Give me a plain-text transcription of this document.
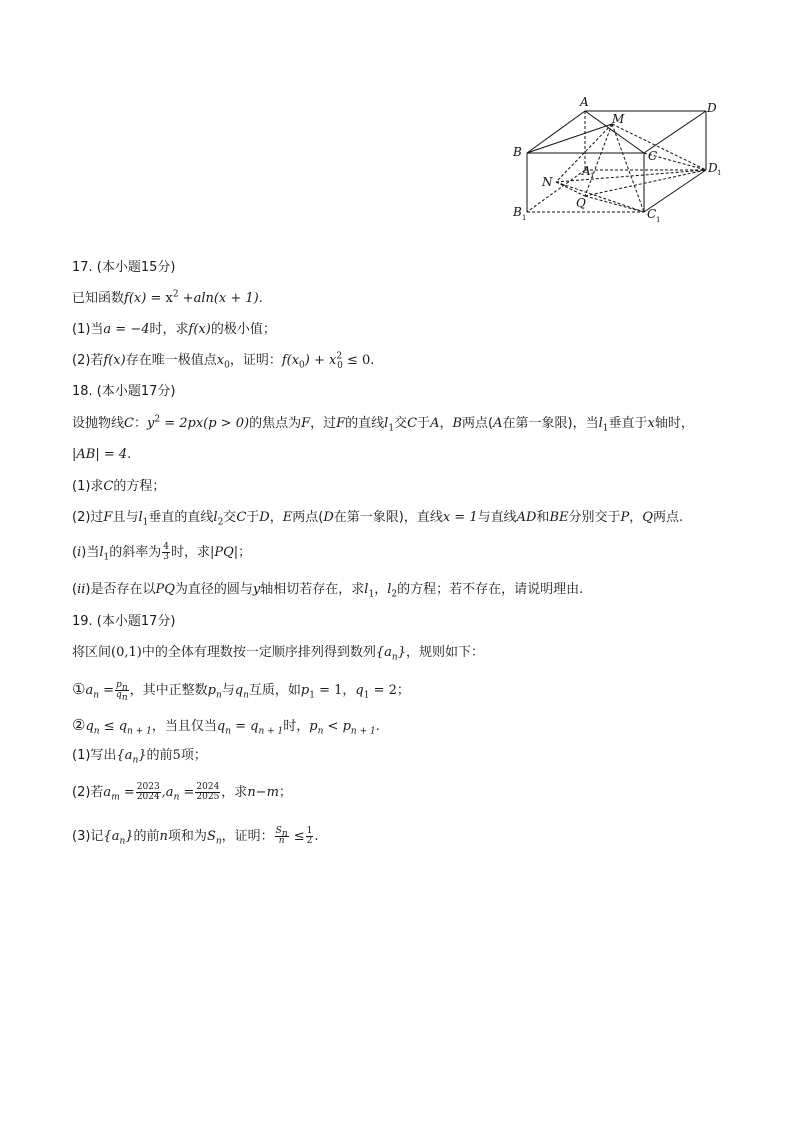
A	D
M
B	C
D 1
A 1
N
Q
B 1	C 1
17. (本小题15分)
已知函数$f(x) = x^2 +aln(x + 1)$.
(1)当a = −4时，求f(x)的极小值；
(2)若f(x)存在唯一极值点$x_0$，证明：$f(x_0) + x^2_0 \le 0$.
18. (本小题17分)
设抛物线C：$y^2 = 2px(p > 0)$的焦点为F，过F的直线$l_1$交C于A，B两点(A在第一象限)，当$l_1$垂直于x轴时，
|AB| = 4.
(1)求C的方程；
(2)过F且与$l_1$垂直的直线$l_2$交C于D，E两点(D在第一象限)，直线x = 1与直线AD和BE分别交于P，Q两点.
(i)当$l_1$的斜率为 $\frac{4}{3}$ 时，求|PQ|；
(ii)是否存在以PQ为直径的圆与y轴相切若存在，求$l_1$，$l_2$的方程；若不存在，请说明理由.
19. (本小题17分)
将区间(0,1)中的全体有理数按一定顺序排列得到数列$\{a_n\}$，规则如下：
$①a_n = \frac{p_n}{q_n}$ ，其中正整数$p_n$与$q_n$互质，如$p_1 = 1$，$q_1 = 2$；
$②q_n \le q_{n + 1}$，当且仅当$q_n = q_{n + 1}$时，$p_n < p_{n + 1}$.
(1)写出$\{a_n\}$的前5项；
(2)若$a_m = \frac{2023}{2024} ,a_n = \frac{2024}{2025}$ ，求n−m；
(3)记$\{a_n\}$的前n项和为$S_n$，证明： $\frac{S_n}{n} \le \frac{1}{2}$ .
